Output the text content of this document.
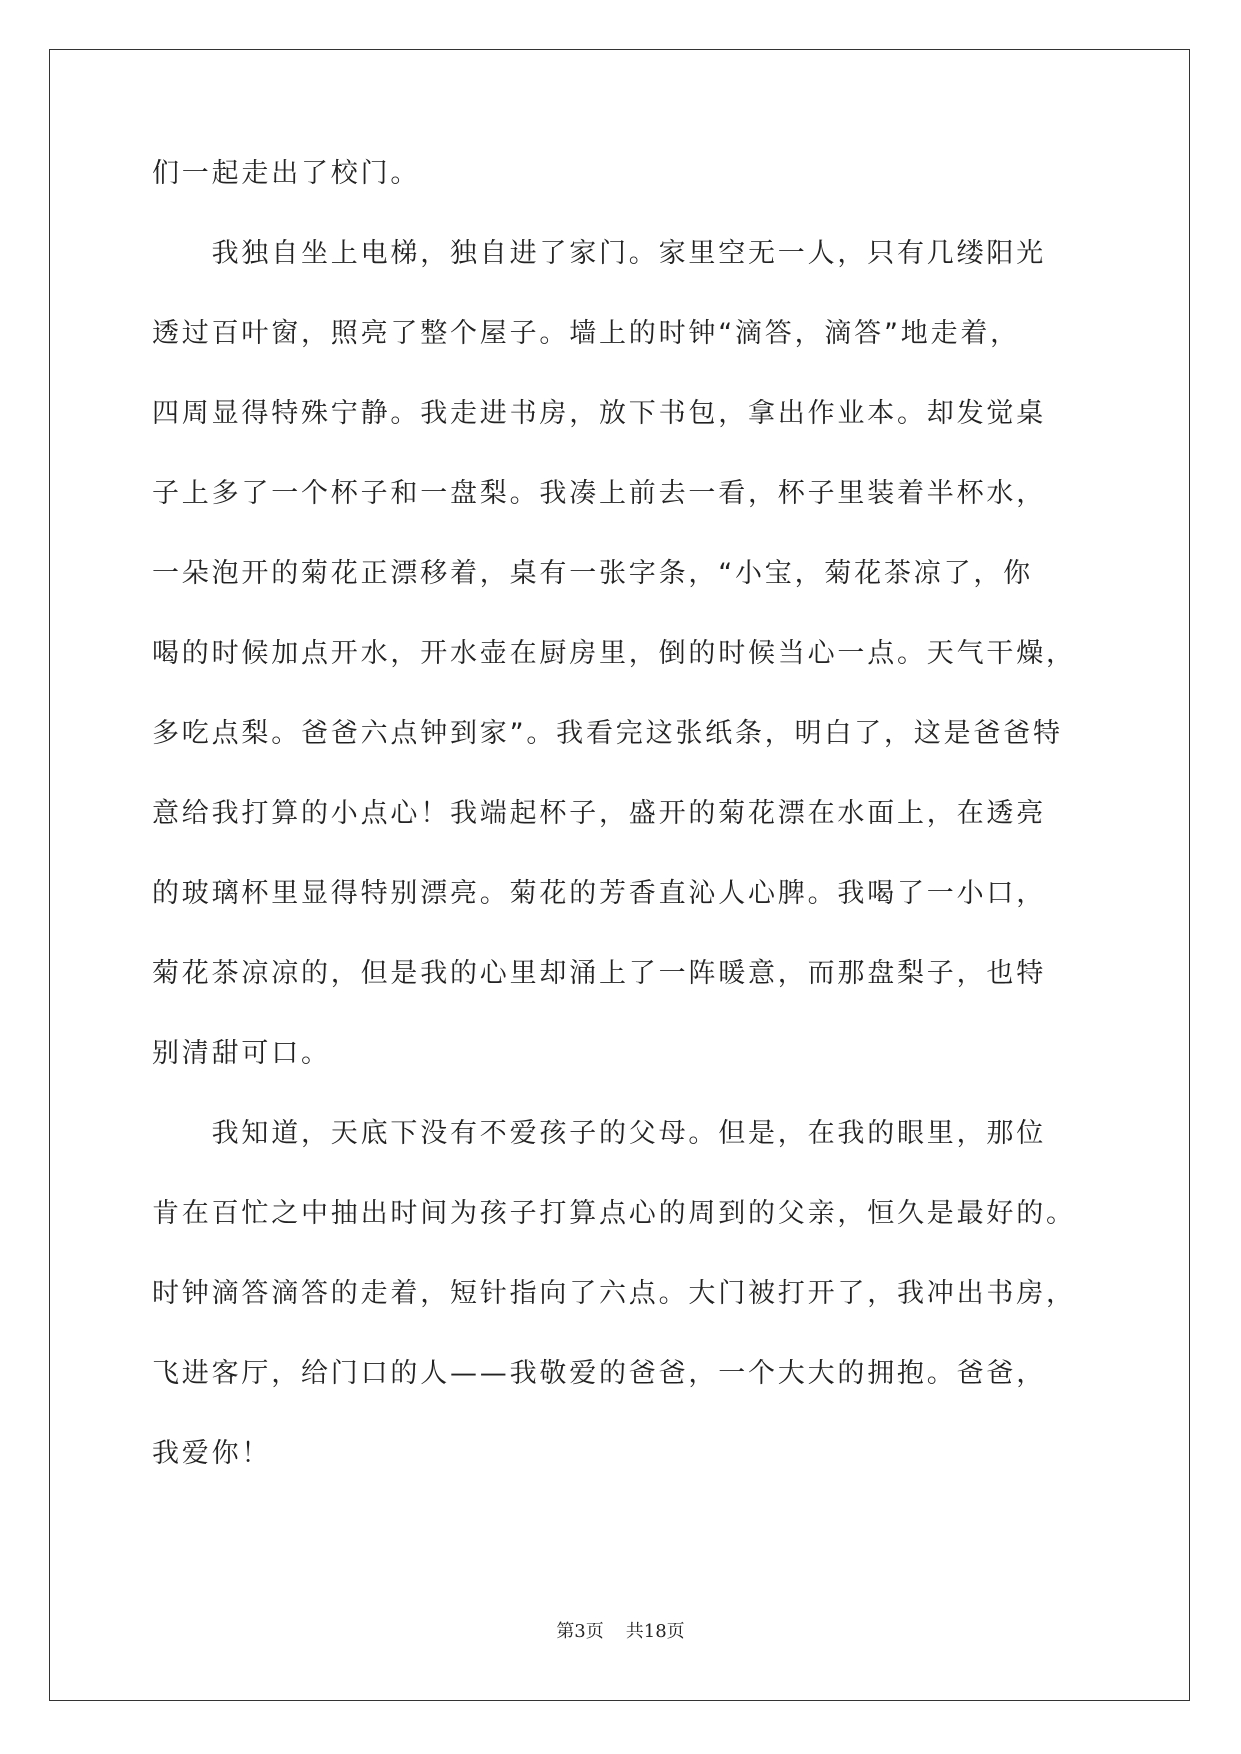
们一起走出了校门。
　　我独自坐上电梯，独自进了家门。家里空无一人，只有几缕阳光
透过百叶窗，照亮了整个屋子。墙上的时钟“滴答，滴答”地走着，
四周显得特殊宁静。我走进书房，放下书包，拿出作业本。却发觉桌
子上多了一个杯子和一盘梨。我凑上前去一看，杯子里装着半杯水，
一朵泡开的菊花正漂移着，桌有一张字条，“小宝，菊花茶凉了，你
喝的时候加点开水，开水壶在厨房里，倒的时候当心一点。天气干燥，
多吃点梨。爸爸六点钟到家”。我看完这张纸条，明白了，这是爸爸特
意给我打算的小点心！我端起杯子，盛开的菊花漂在水面上，在透亮
的玻璃杯里显得特别漂亮。菊花的芳香直沁人心脾。我喝了一小口，
菊花茶凉凉的，但是我的心里却涌上了一阵暖意，而那盘梨子，也特
别清甜可口。
　　我知道，天底下没有不爱孩子的父母。但是，在我的眼里，那位
肯在百忙之中抽出时间为孩子打算点心的周到的父亲，恒久是最好的。
时钟滴答滴答的走着，短针指向了六点。大门被打开了，我冲出书房，
飞进客厅，给门口的人——我敬爱的爸爸，一个大大的拥抱。爸爸，
我爱你！
第3页 共18页
